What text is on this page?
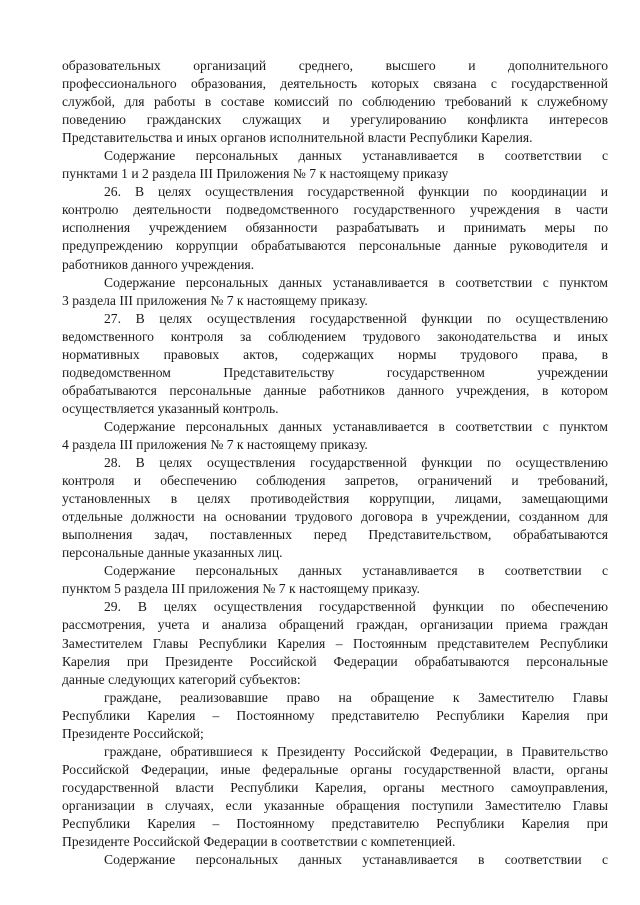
образовательных организаций среднего, высшего и дополнительного
профессионального образования, деятельность которых связана с государственной
службой, для работы в составе комиссий по соблюдению требований к служебному
поведению гражданских служащих и урегулированию конфликта интересов
Представительства и иных органов исполнительной власти Республики Карелия.
Содержание персональных данных устанавливается в соответствии с
пунктами 1 и 2 раздела III Приложения № 7 к настоящему приказу
26. В целях осуществления государственной функции по координации и
контролю деятельности подведомственного государственного учреждения в части
исполнения учреждением обязанности разрабатывать и принимать меры по
предупреждению коррупции обрабатываются персональные данные руководителя и
работников данного учреждения.
Содержание персональных данных устанавливается в соответствии с пунктом
3 раздела III приложения № 7 к настоящему приказу.
27. В целях осуществления государственной функции по осуществлению
ведомственного контроля за соблюдением трудового законодательства и иных
нормативных правовых актов, содержащих нормы трудового права, в
подведомственном Представительству государственном учреждении
обрабатываются персональные данные работников данного учреждения, в котором
осуществляется указанный контроль.
Содержание персональных данных устанавливается в соответствии с пунктом
4 раздела III приложения № 7 к настоящему приказу.
28. В целях осуществления государственной функции по осуществлению
контроля и обеспечению соблюдения запретов, ограничений и требований,
установленных в целях противодействия коррупции, лицами, замещающими
отдельные должности на основании трудового договора в учреждении, созданном для
выполнения задач, поставленных перед Представительством, обрабатываются
персональные данные указанных лиц.
Содержание персональных данных устанавливается в соответствии с
пунктом 5 раздела III приложения № 7 к настоящему приказу.
29. В целях осуществления государственной функции по обеспечению
рассмотрения, учета и анализа обращений граждан, организации приема граждан
Заместителем Главы Республики Карелия – Постоянным представителем Республики
Карелия при Президенте Российской Федерации обрабатываются персональные
данные следующих категорий субъектов:
граждане, реализовавшие право на обращение к Заместителю Главы
Республики Карелия – Постоянному представителю Республики Карелия при
Президенте Российской;
граждане, обратившиеся к Президенту Российской Федерации, в Правительство
Российской Федерации, иные федеральные органы государственной власти, органы
государственной власти Республики Карелия, органы местного самоуправления,
организации в случаях, если указанные обращения поступили Заместителю Главы
Республики Карелия – Постоянному представителю Республики Карелия при
Президенте Российской Федерации в соответствии с компетенцией.
Содержание персональных данных устанавливается в соответствии с
